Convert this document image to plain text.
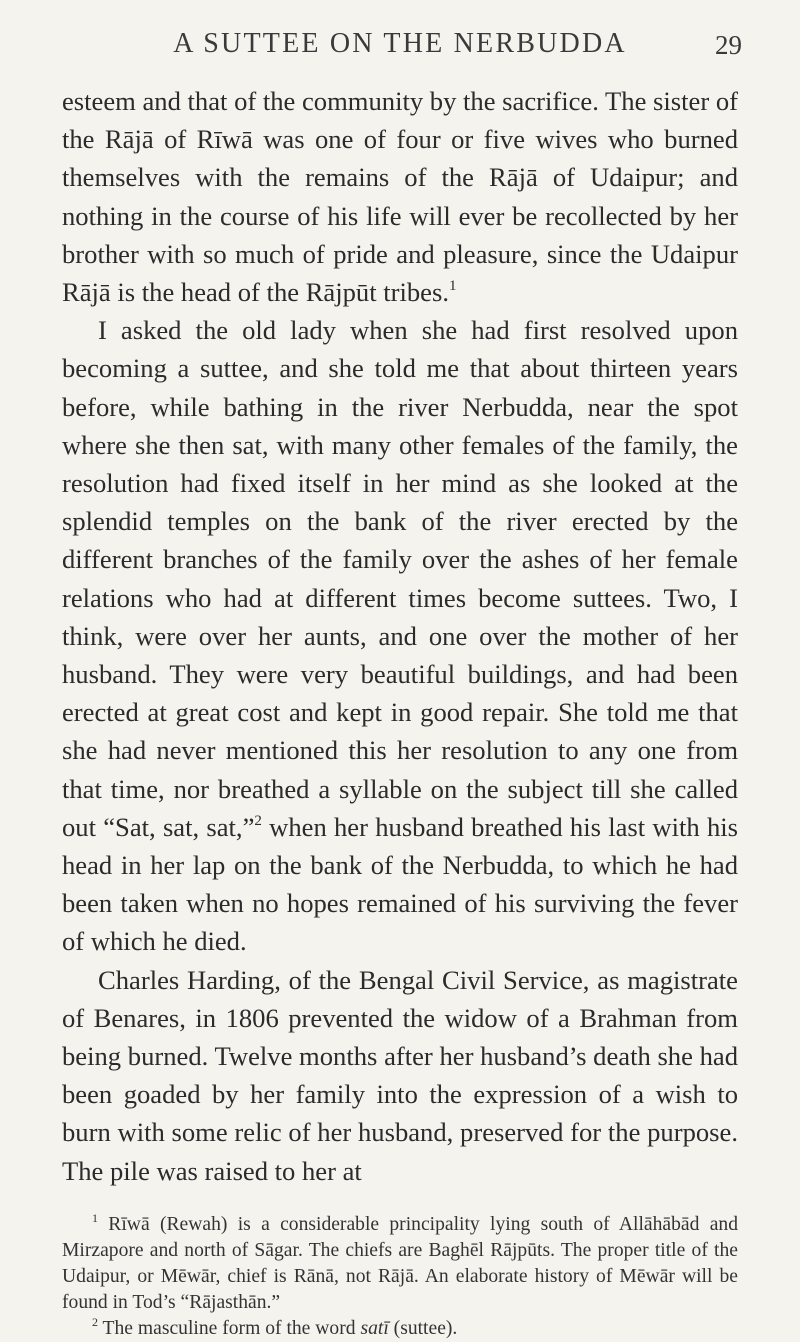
A SUTTEE ON THE NERBUDDA	29

esteem and that of the community by the sacrifice. The sister of the Rājā of Rīwā was one of four or five wives who burned themselves with the remains of the Rājā of Udaipur; and nothing in the course of his life will ever be recollected by her brother with so much of pride and pleasure, since the Udaipur Rājā is the head of the Rājpūt tribes.$^1$

I asked the old lady when she had first resolved upon becoming a suttee, and she told me that about thirteen years before, while bathing in the river Nerbudda, near the spot where she then sat, with many other females of the family, the resolution had fixed itself in her mind as she looked at the splendid temples on the bank of the river erected by the different branches of the family over the ashes of her female relations who had at different times become suttees. Two, I think, were over her aunts, and one over the mother of her husband. They were very beautiful buildings, and had been erected at great cost and kept in good repair. She told me that she had never mentioned this her resolution to any one from that time, nor breathed a syllable on the subject till she called out “Sat, sat, sat,”$^2$ when her husband breathed his last with his head in her lap on the bank of the Nerbudda, to which he had been taken when no hopes remained of his surviving the fever of which he died.

Charles Harding, of the Bengal Civil Service, as magistrate of Benares, in 1806 prevented the widow of a Brahman from being burned. Twelve months after her husband’s death she had been goaded by her family into the expression of a wish to burn with some relic of her husband, preserved for the purpose. The pile was raised to her at

$^1$ Rīwā (Rewah) is a considerable principality lying south of Allāhābād and Mirzapore and north of Sāgar. The chiefs are Baghēl Rājpūts. The proper title of the Udaipur, or Mēwār, chief is Rānā, not Rājā. An elaborate history of Mēwār will be found in Tod’s “Rājasthān.”

$^2$ The masculine form of the word satī (suttee).
